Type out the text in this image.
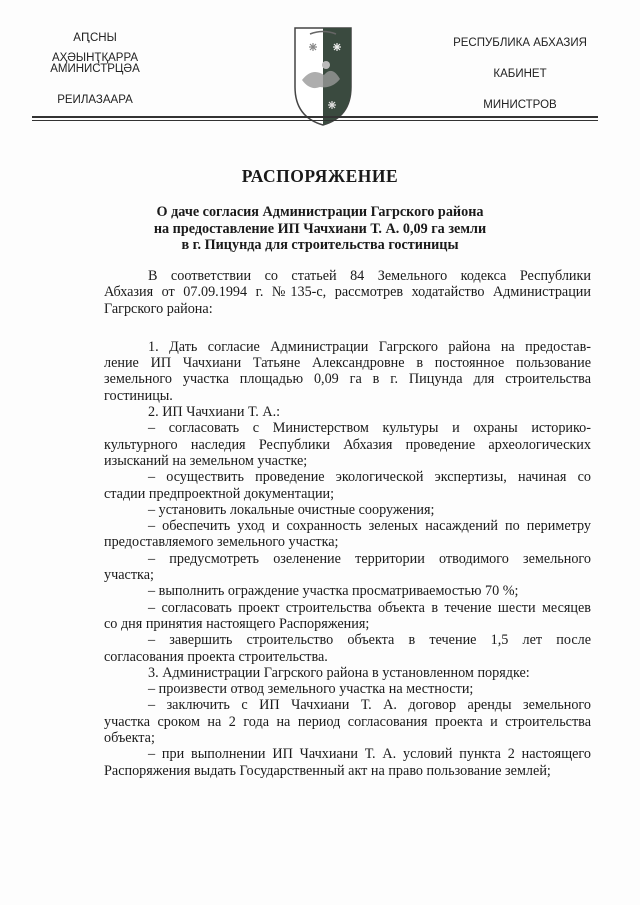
АԤСНЫ АҲӘЫНҬҚАРРА
АМИНИСТРЦӘА
РЕИЛАЗААРА
РЕСПУБЛИКА АБХАЗИЯ
КАБИНЕТ
МИНИСТРОВ
РАСПОРЯЖЕНИЕ
О даче согласия Администрации Гагрского района
на предоставление ИП Чачхиани Т. А. 0,09 га земли
в г. Пицунда для строительства гостиницы
В соответствии со статьей 84 Земельного кодекса Республики
Абхазия от 07.09.1994 г. №135-с, рассмотрев ходатайство Администрации
Гагрского района:
1. Дать согласие Администрации Гагрского района на предостав-
ление ИП Чачхиани Татьяне Александровне в постоянное пользование
земельного участка площадью 0,09 га в г. Пицунда для строительства
гостиницы.
2. ИП Чачхиани Т. А.:
– согласовать с Министерством культуры и охраны историко-
культурного наследия Республики Абхазия проведение археологических
изысканий на земельном участке;
– осуществить проведение экологической экспертизы, начиная со
стадии предпроектной документации;
– установить локальные очистные сооружения;
– обеспечить уход и сохранность зеленых насаждений по периметру
предоставляемого земельного участка;
– предусмотреть озеленение территории отводимого земельного
участка;
– выполнить ограждение участка просматриваемостью 70 %;
– согласовать проект строительства объекта в течение шести месяцев
со дня принятия настоящего Распоряжения;
– завершить строительство объекта в течение 1,5 лет после
согласования проекта строительства.
3. Администрации Гагрского района в установленном порядке:
– произвести отвод земельного участка на местности;
– заключить с ИП Чачхиани Т. А. договор аренды земельного
участка сроком на 2 года на период согласования проекта и строительства
объекта;
– при выполнении ИП Чачхиани Т. А. условий пункта 2 настоящего
Распоряжения выдать Государственный акт на право пользование землей;
